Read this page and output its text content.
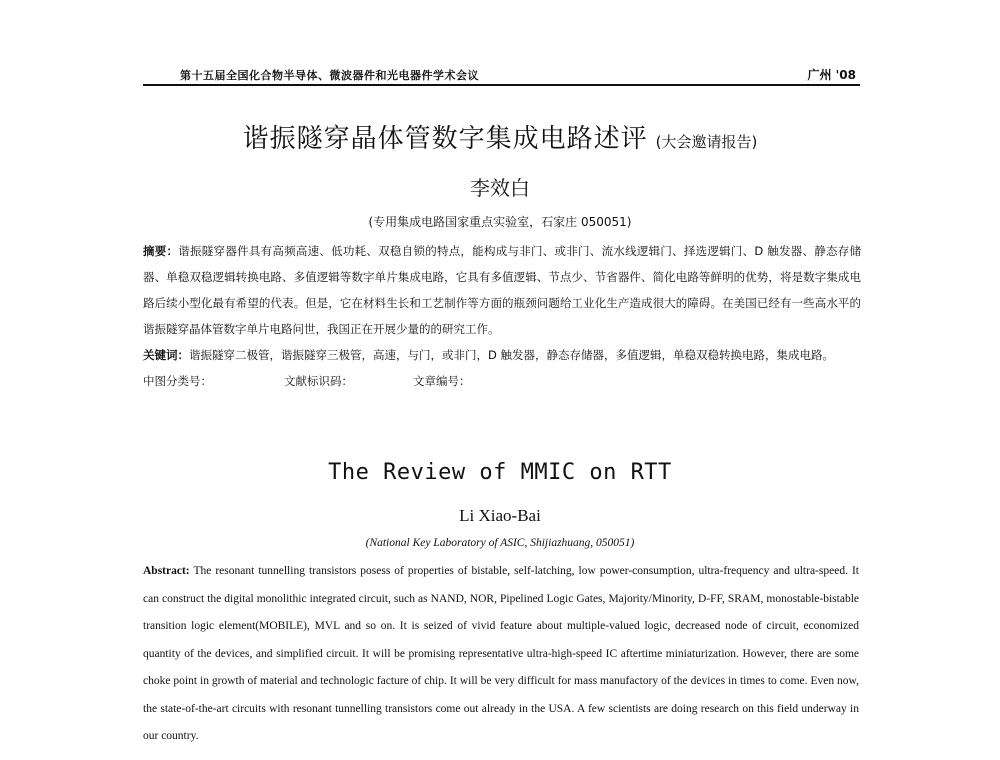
第十五届全国化合物半导体、微波器件和光电器件学术会议	广州 '08
谐振隧穿晶体管数字集成电路述评 (大会邀请报告)
李效白
(专用集成电路国家重点实验室，石家庄 050051)

摘要：谐振隧穿器件具有高频高速、低功耗、双稳自锁的特点，能构成与非门、或非门、流水线逻辑门、择选逻辑门、D 触发器、静态存储器、单稳双稳逻辑转换电路、多值逻辑等数字单片集成电路，它具有多值逻辑、节点少、节省器件、简化电路等鲜明的优势，将是数字集成电路后续小型化最有希望的代表。但是，它在材料生长和工艺制作等方面的瓶颈问题给工业化生产造成很大的障碍。在美国已经有一些高水平的谐振隧穿晶体管数字单片电路问世，我国正在开展少量的的研究工作。

关键词：谐振隧穿二极管，谐振隧穿三极管，高速，与门，或非门，D 触发器，静态存储器，多值逻辑，单稳双稳转换电路，集成电路。

中图分类号：	文献标识码：	文章编号：
The Review of MMIC on RTT
Li Xiao-Bai
(National Key Laboratory of ASIC, Shijiazhuang, 050051)
Abstract: The resonant tunnelling transistors posess of properties of bistable, self-latching, low power-consumption, ultra-frequency and ultra-speed. It can construct the digital monolithic integrated circuit, such as NAND, NOR, Pipelined Logic Gates, Majority/Minority, D-FF, SRAM, monostable-bistable transition logic element(MOBILE), MVL and so on. It is seized of vivid feature about multiple-valued logic, decreased node of circuit, economized quantity of the devices, and simplified circuit. It will be promising representative ultra-high-speed IC aftertime miniaturization. However, there are some choke point in growth of material and technologic facture of chip. It will be very difficult for mass manufactory of the devices in times to come. Even now, the state-of-the-art circuits with resonant tunnelling transistors come out already in the USA. A few scientists are doing research on this field underway in our country.
